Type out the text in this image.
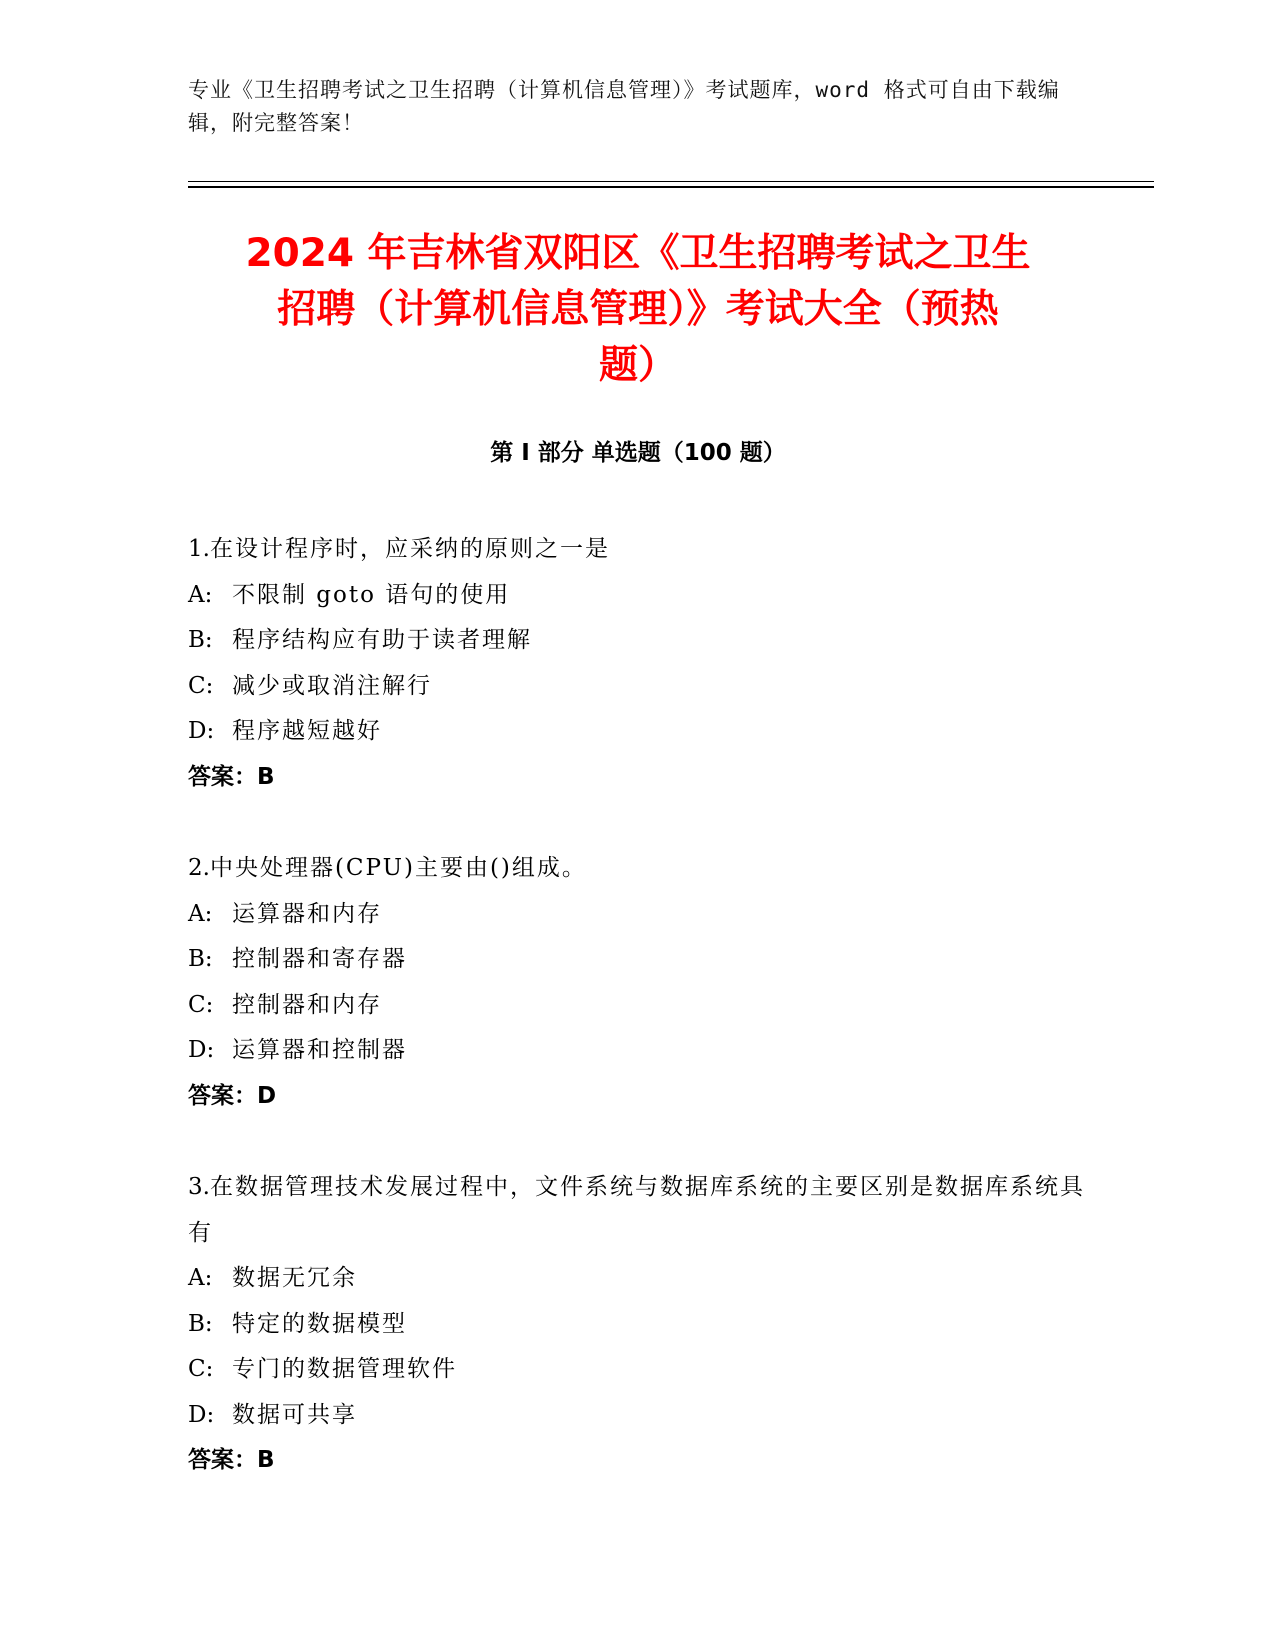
专业《卫生招聘考试之卫生招聘（计算机信息管理）》考试题库，word 格式可自由下载编辑，附完整答案！
2024 年吉林省双阳区《卫生招聘考试之卫生
招聘（计算机信息管理）》考试大全（预热
题）
第 I 部分 单选题（100 题）
1.在设计程序时，应采纳的原则之一是
A: 不限制 goto 语句的使用
B: 程序结构应有助于读者理解
C: 减少或取消注解行
D: 程序越短越好
答案：B
2.中央处理器(CPU)主要由()组成。
A: 运算器和内存
B: 控制器和寄存器
C: 控制器和内存
D: 运算器和控制器
答案：D
3.在数据管理技术发展过程中，文件系统与数据库系统的主要区别是数据库系统具有
A: 数据无冗余
B: 特定的数据模型
C: 专门的数据管理软件
D: 数据可共享
答案：B
